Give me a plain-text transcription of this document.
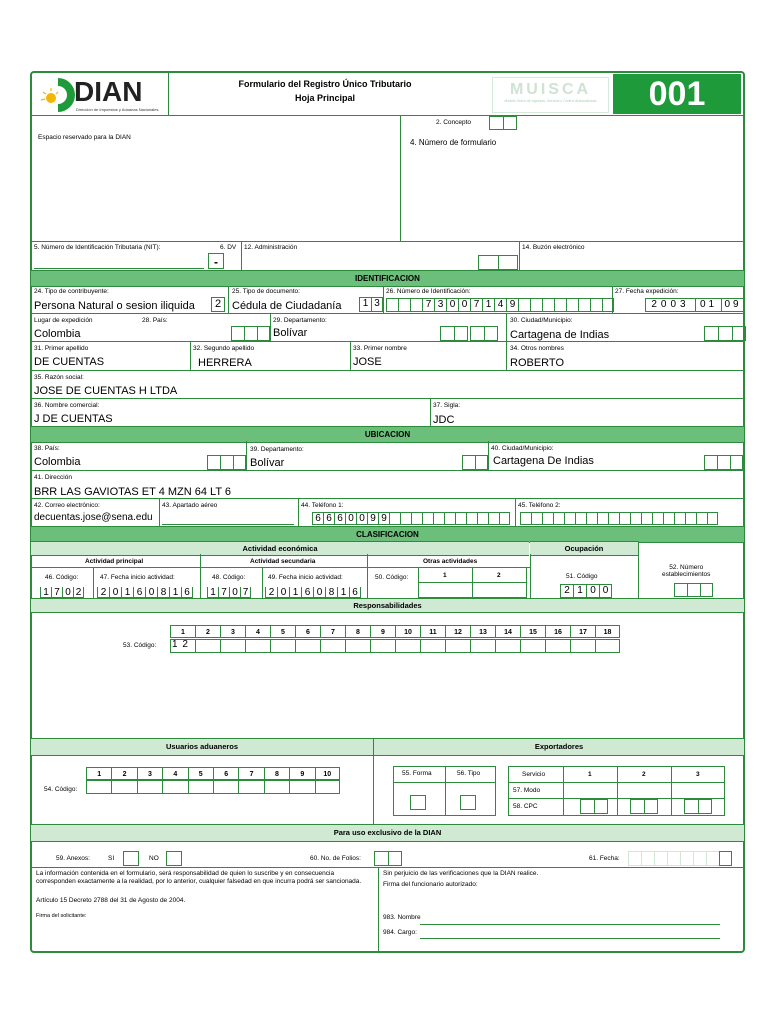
DIAN
Dirección de Impuestos y Aduanas Nacionales
Formulario del Registro Único Tributario
Hoja Principal	MUISCA
Modelo Único de Ingresos, Servicio y Control Automatizado	001
Espacio reservado para la DIAN
2. Concepto
4. Número de formulario
5. Número de Identificación Tributaria (NIT):	6. DV
-
12. Administración	14. Buzón electrónico
IDENTIFICACION
24. Tipo de contribuyente:
Persona Natural o sesion iliquida 2
25. Tipo de documento:
Cédula de Ciudadanía	1 3
26. Número de Identificación:
7 3 0 0 7 1 4 9
27. Fecha expedición:
2003	01 09
Lugar de expedición	28. País:
Colombia
29. Departamento:
Bolívar
30. Ciudad/Municipio:
Cartagena de Indias
31. Primer apellido
DE CUENTAS
32. Segundo apellido
HERRERA
33. Primer nombre
JOSE
34. Otros nombres
ROBERTO
35. Razón social:
JOSE DE CUENTAS H LTDA
36. Nombre comercial:
J DE CUENTAS
37. Sigla:
JDC
UBICACION
38. País:
Colombia
39. Departamento:
Bolívar
40. Ciudad/Municipio:
Cartagena De Indias
41. Dirección
BRR LAS GAVIOTAS ET 4 MZN 64 LT 6
42. Correo electrónico:
decuentas.jose@sena.edu
43. Apartado aéreo	44. Teléfono 1:
6 6 6 0 0 9 9
45. Teléfono 2:
CLASIFICACION
Actividad económica	Ocupación
Actividad principal	Actividad secundaria	Otras actividades
46. Código:
1 7 0 2
47. Fecha inicio actividad:
2 0 1 6 0 8 1 6
48. Código:
1 7 0 7
49. Fecha inicio actividad:
2 0 1 6 0 8 1 6
50. Código:	1	2	51. Código
2 1 0 0
52. Número
establecimientos
Responsabilidades
1	2	3	4	5	6	7	8	9	10	11	12	13	14	15	16	17	18
53. Código: 1 2
Usuarios aduaneros	Exportadores
1	2	3	4	5	6	7	8	9	10
54. Código:
55. Forma	56. Tipo	Servicio	1	2	3
57. Modo
58. CPC
Para uso exclusivo de la DIAN
59. Anexos:	SI	NO	60. No. de Folios:	61. Fecha:
La información contenida en el formulario, será responsabilidad de quien lo suscribe y en consecuencia corresponden exactamente a la realidad, por lo anterior, cualquier falsedad en que incurra podrá ser sancionada.
Artículo 15 Decreto 2788 del 31 de Agosto de 2004.
Firma del solicitante:
Sin perjuicio de las verificaciones que la DIAN realice.
Firma del funcionario autorizado:
983. Nombre
984. Cargo:
